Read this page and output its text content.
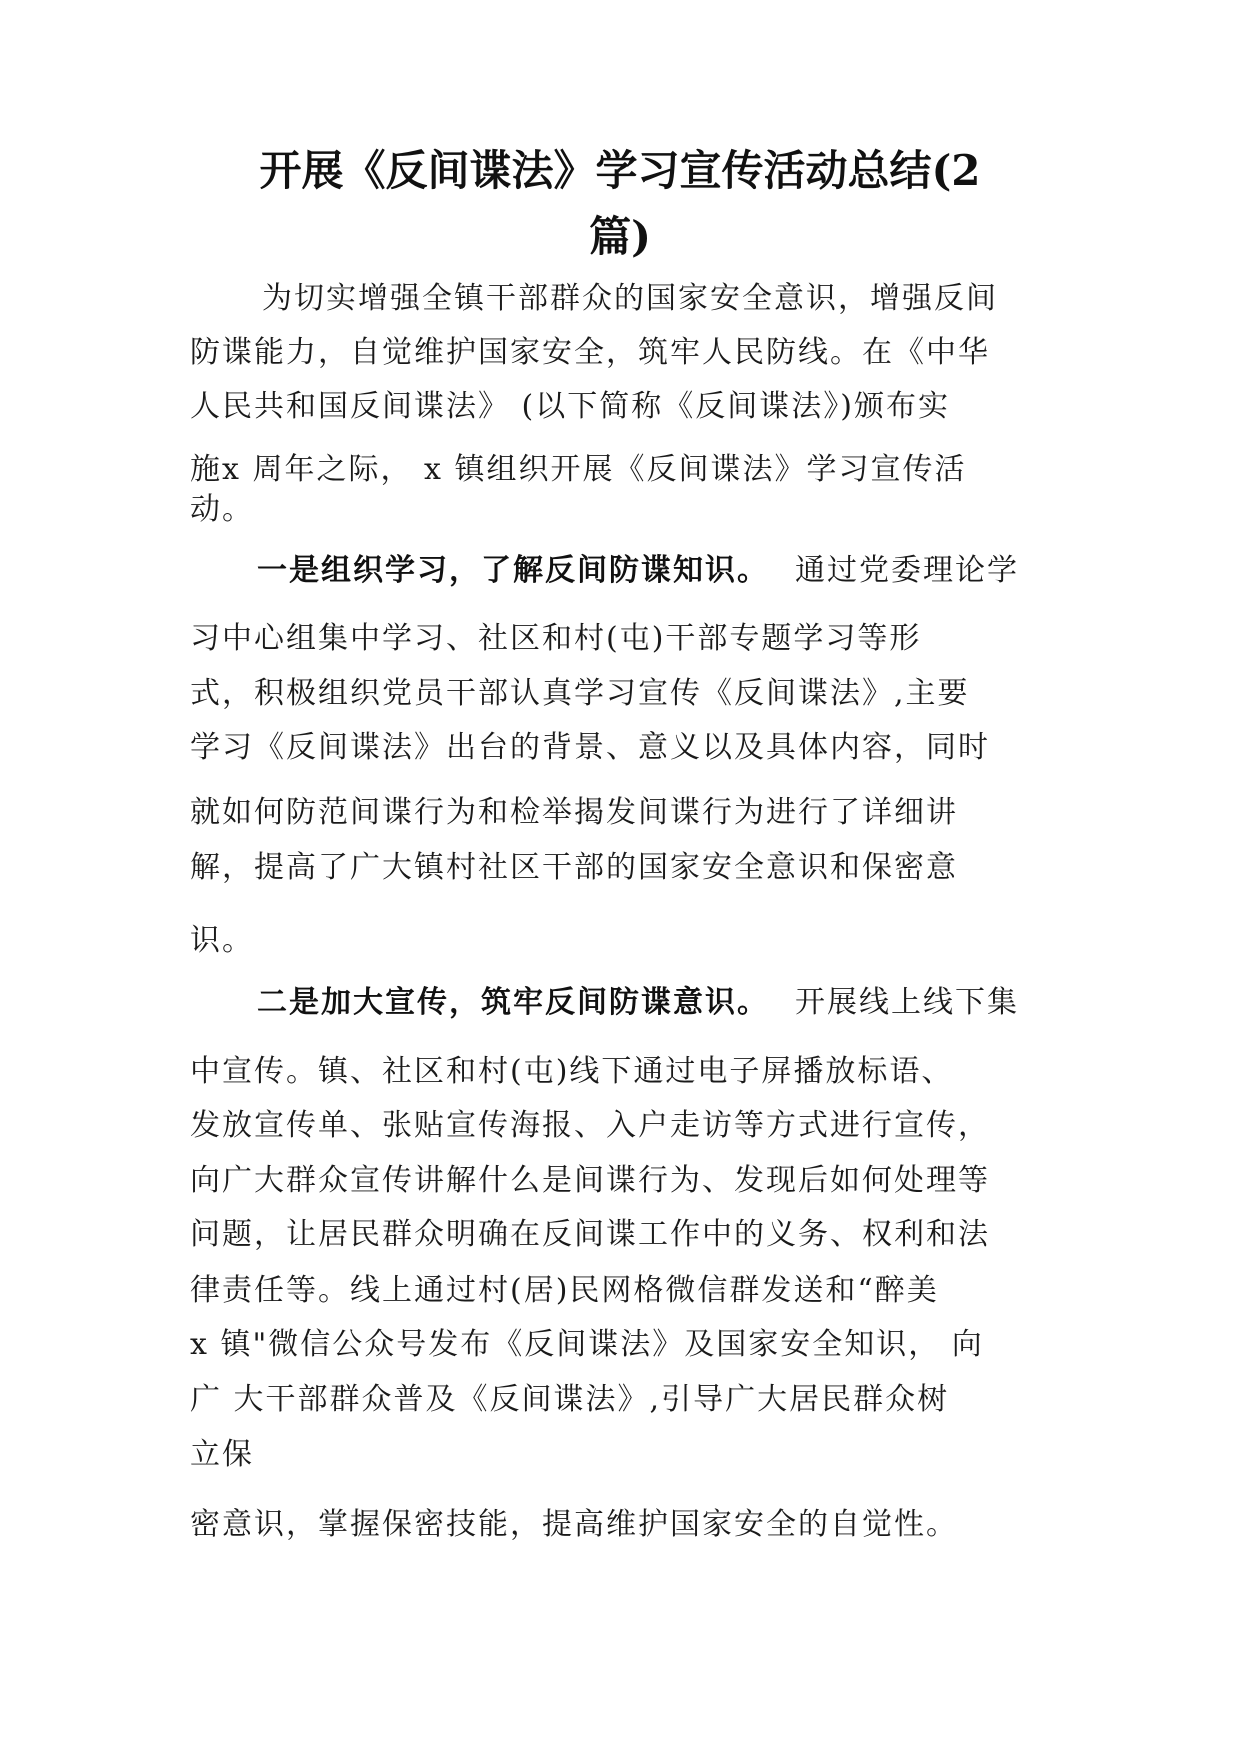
开展《反间谍法》学习宣传活动总结(2
篇)
为切实增强全镇干部群众的国家安全意识，增强反间
防谍能力，自觉维护国家安全，筑牢人民防线。在《中华
人民共和国反间谍法》 (以下简称《反间谍法》)颁布实
施x 周年之际， x 镇组织开展《反间谍法》学习宣传活
动。
一是组织学习，了解反间防谍知识。 通过党委理论学
习中心组集中学习、社区和村(屯)干部专题学习等形
式，积极组织党员干部认真学习宣传《反间谍法》,主要
学习《反间谍法》出台的背景、意义以及具体内容，同时
就如何防范间谍行为和检举揭发间谍行为进行了详细讲
解，提高了广大镇村社区干部的国家安全意识和保密意
识。
二是加大宣传，筑牢反间防谍意识。 开展线上线下集
中宣传。镇、社区和村(屯)线下通过电子屏播放标语、
发放宣传单、张贴宣传海报、入户走访等方式进行宣传，
向广大群众宣传讲解什么是间谍行为、发现后如何处理等
问题，让居民群众明确在反间谍工作中的义务、权利和法
律责任等。线上通过村(居)民网格微信群发送和“醉美
x 镇"微信公众号发布《反间谍法》及国家安全知识， 向
广 大干部群众普及《反间谍法》,引导广大居民群众树
立保
密意识，掌握保密技能，提高维护国家安全的自觉性。
